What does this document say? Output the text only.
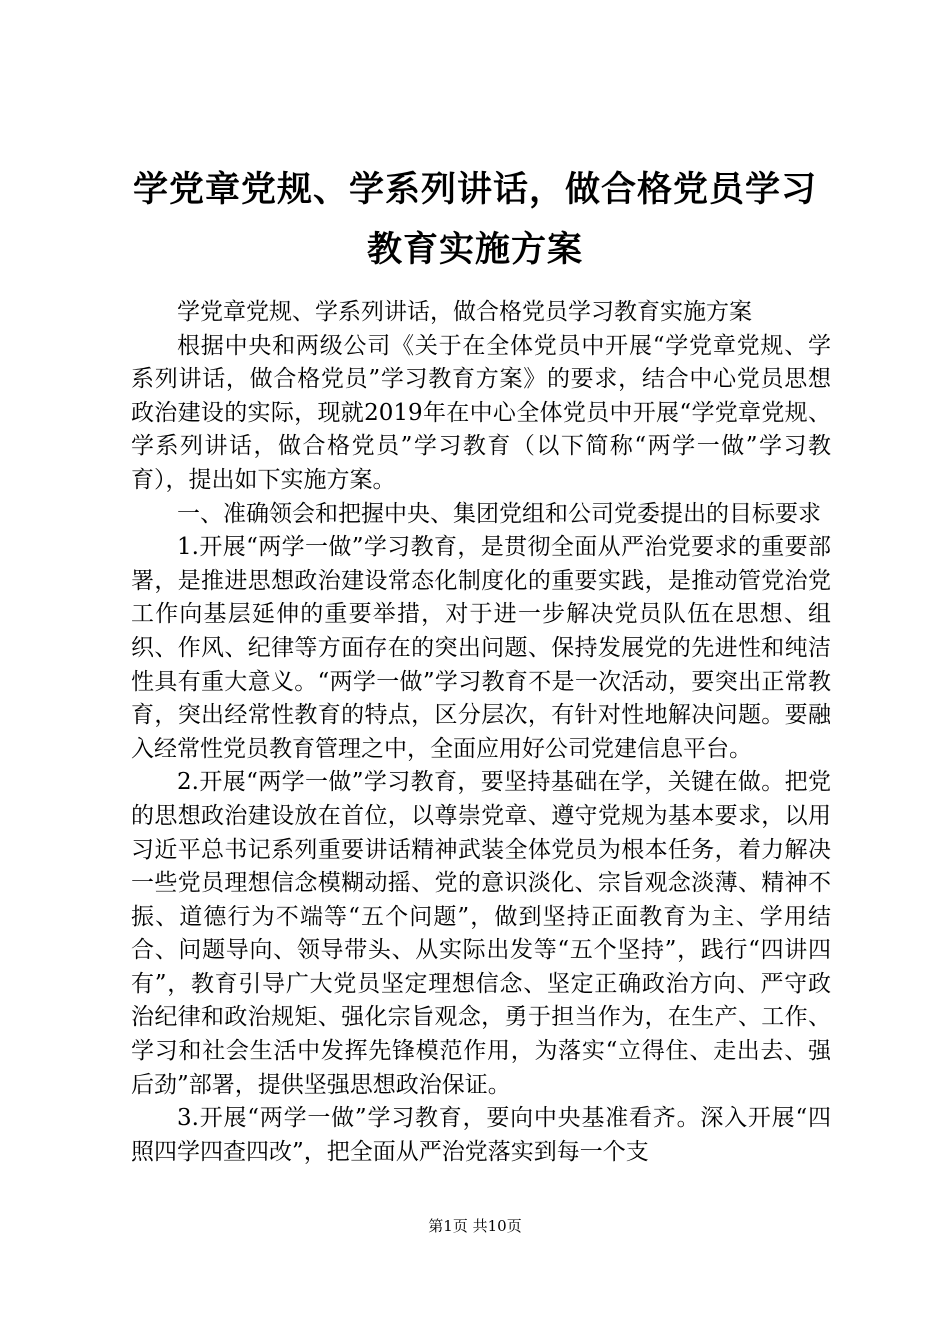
学党章党规、学系列讲话，做合格党员学习教育实施方案

学党章党规、学系列讲话，做合格党员学习教育实施方案

根据中央和两级公司《关于在全体党员中开展“学党章党规、学系列讲话，做合格党员”学习教育方案》的要求，结合中心党员思想政治建设的实际，现就2019年在中心全体党员中开展“学党章党规、学系列讲话，做合格党员”学习教育（以下简称“两学一做”学习教育），提出如下实施方案。

一、准确领会和把握中央、集团党组和公司党委提出的目标要求

1.开展“两学一做”学习教育，是贯彻全面从严治党要求的重要部署，是推进思想政治建设常态化制度化的重要实践，是推动管党治党工作向基层延伸的重要举措，对于进一步解决党员队伍在思想、组织、作风、纪律等方面存在的突出问题、保持发展党的先进性和纯洁性具有重大意义。“两学一做”学习教育不是一次活动，要突出正常教育，突出经常性教育的特点，区分层次，有针对性地解决问题。要融入经常性党员教育管理之中，全面应用好公司党建信息平台。

2.开展“两学一做”学习教育，要坚持基础在学，关键在做。把党的思想政治建设放在首位，以尊崇党章、遵守党规为基本要求，以用习近平总书记系列重要讲话精神武装全体党员为根本任务，着力解决一些党员理想信念模糊动摇、党的意识淡化、宗旨观念淡薄、精神不振、道德行为不端等“五个问题”，做到坚持正面教育为主、学用结合、问题导向、领导带头、从实际出发等“五个坚持”，践行“四讲四有”，教育引导广大党员坚定理想信念、坚定正确政治方向、严守政治纪律和政治规矩、强化宗旨观念，勇于担当作为，在生产、工作、学习和社会生活中发挥先锋模范作用，为落实“立得住、走出去、强后劲”部署，提供坚强思想政治保证。

3.开展“两学一做”学习教育，要向中央基准看齐。深入开展“四照四学四查四改”，把全面从严治党落实到每一个支

第1页 共10页
